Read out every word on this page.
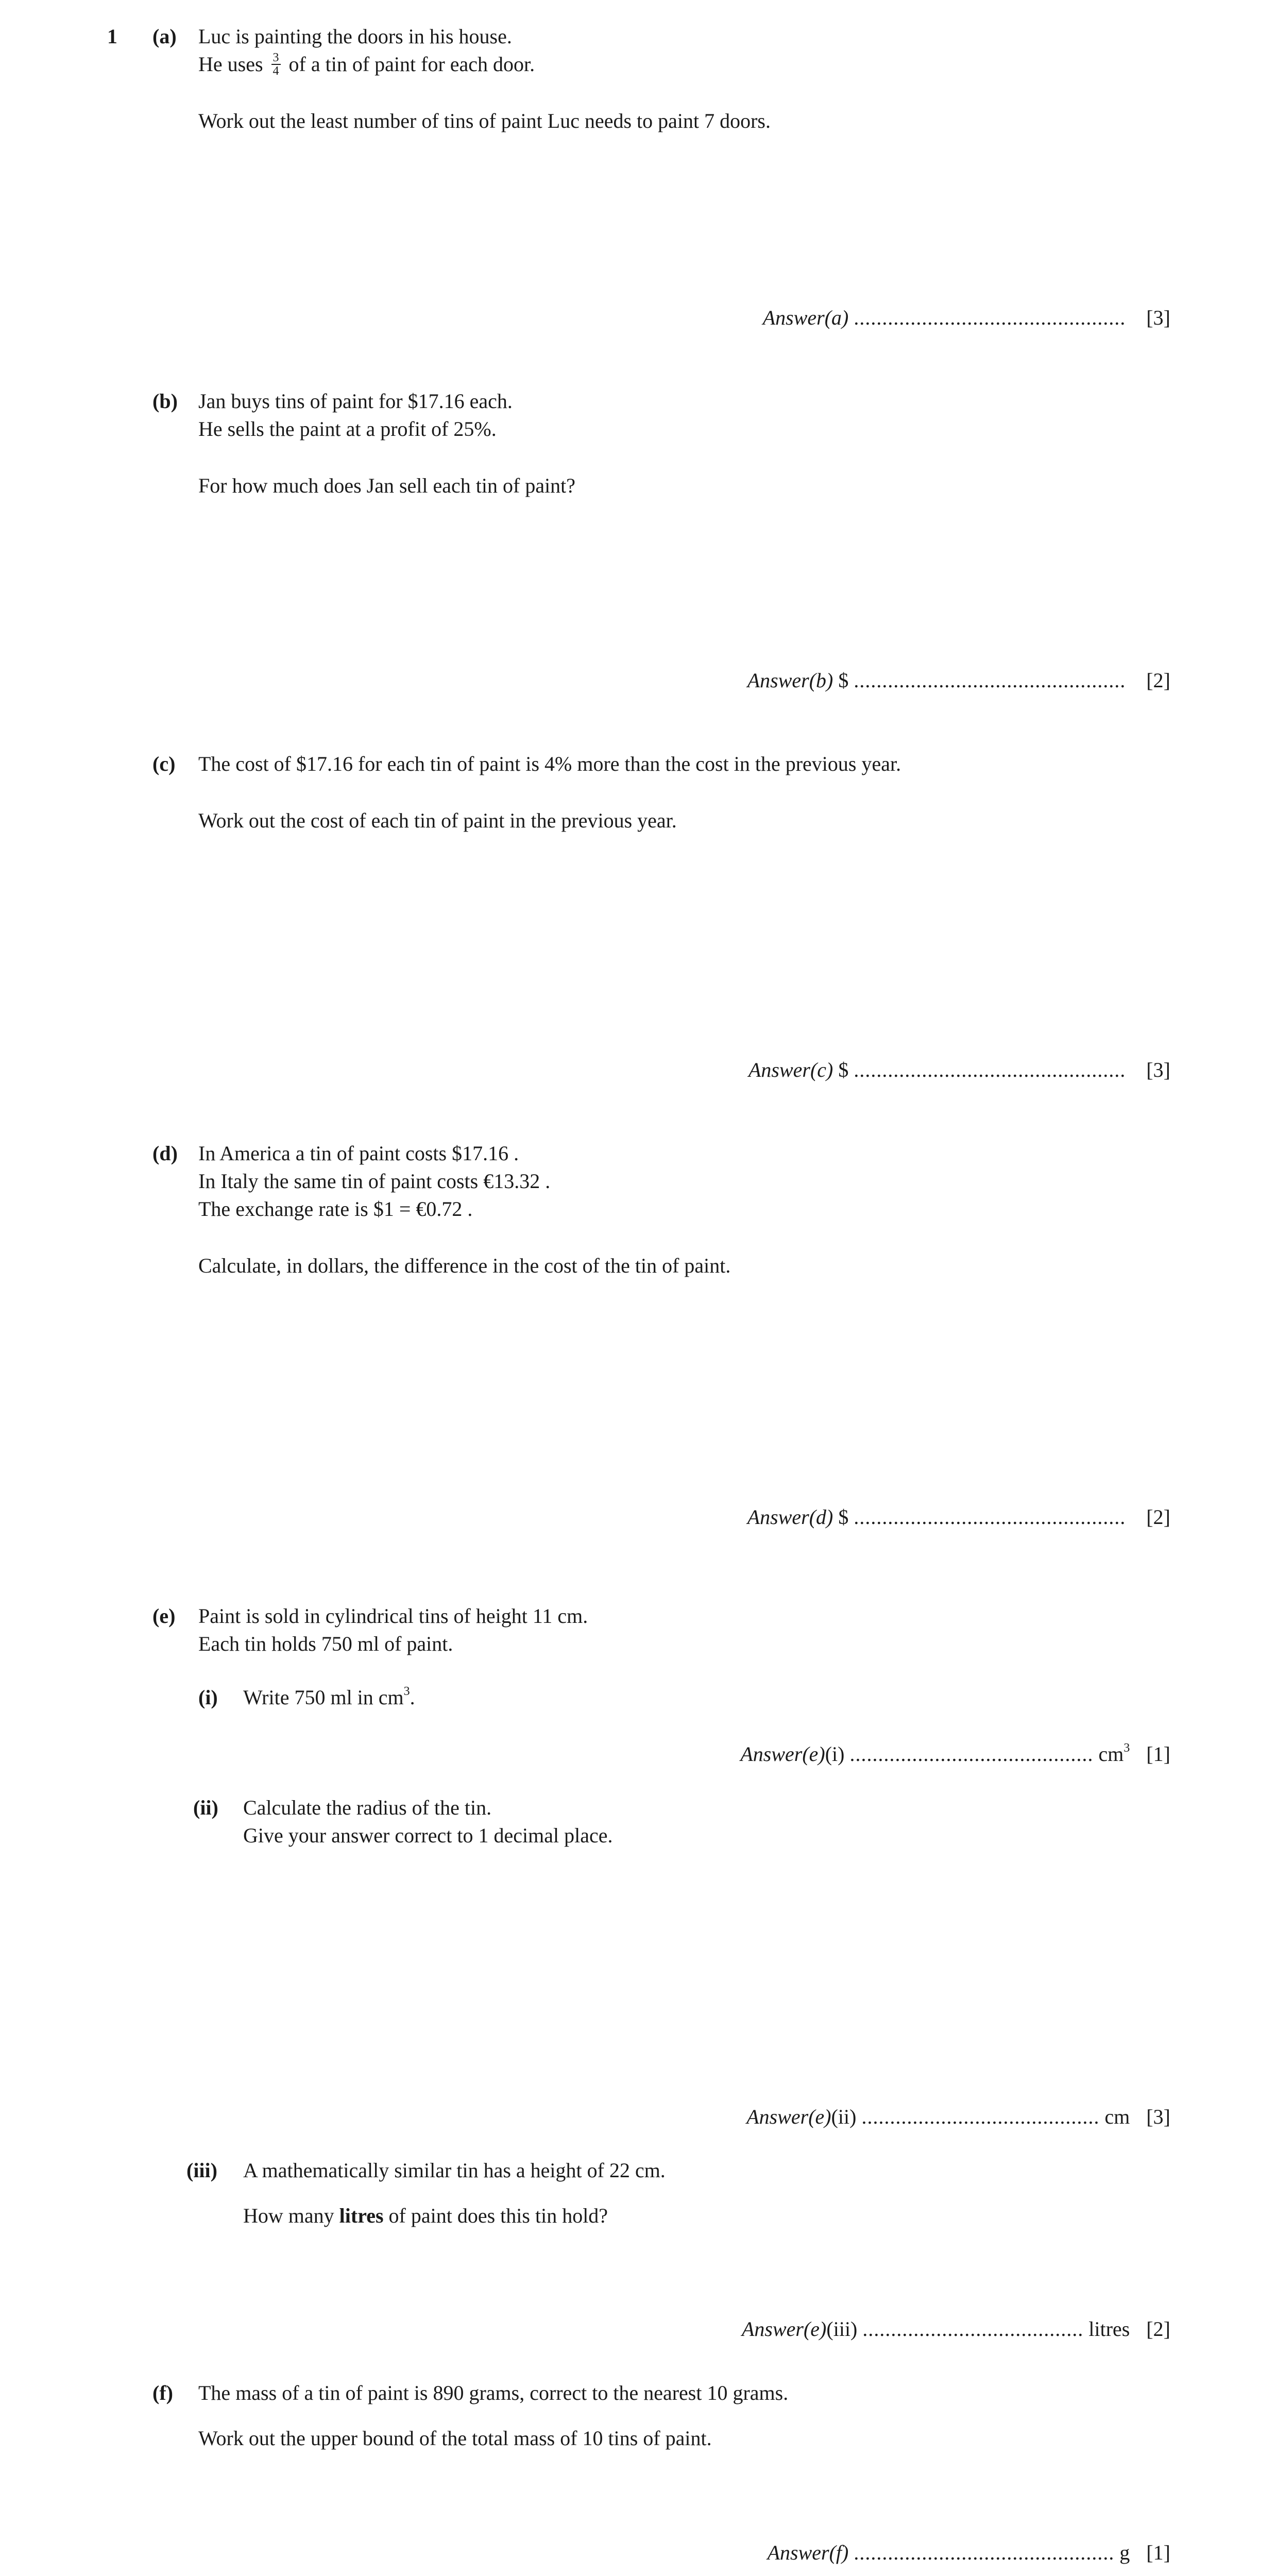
1 (a) Luc is painting the doors in his house.
He uses $\frac{3}{4}$ of a tin of paint for each door.
Work out the least number of tins of paint Luc needs to paint 7 doors.
Answer(a) ................................................ [3]
(b) Jan buys tins of paint for $17.16 each.
He sells the paint at a profit of 25%.
For how much does Jan sell each tin of paint?
Answer(b) $ ................................................ [2]
(c) The cost of $17.16 for each tin of paint is 4% more than the cost in the previous year.
Work out the cost of each tin of paint in the previous year.
Answer(c) $ ................................................ [3]
(d) In America a tin of paint costs $17.16 .
In Italy the same tin of paint costs €13.32 .
The exchange rate is $1 = €0.72 .
Calculate, in dollars, the difference in the cost of the tin of paint.
Answer(d) $ ................................................ [2]
(e) Paint is sold in cylindrical tins of height 11 cm.
Each tin holds 750 ml of paint.
(i) Write 750 ml in $cm^3$.
Answer(e)(i) ........................................... $cm^3$ [1]
(ii) Calculate the radius of the tin.
Give your answer correct to 1 decimal place.
Answer(e)(ii) .......................................... cm [3]
(iii) A mathematically similar tin has a height of 22 cm.
How many litres of paint does this tin hold?
Answer(e)(iii) ....................................... litres [2]
(f) The mass of a tin of paint is 890 grams, correct to the nearest 10 grams.
Work out the upper bound of the total mass of 10 tins of paint.
Answer(f) .............................................. g [1]
